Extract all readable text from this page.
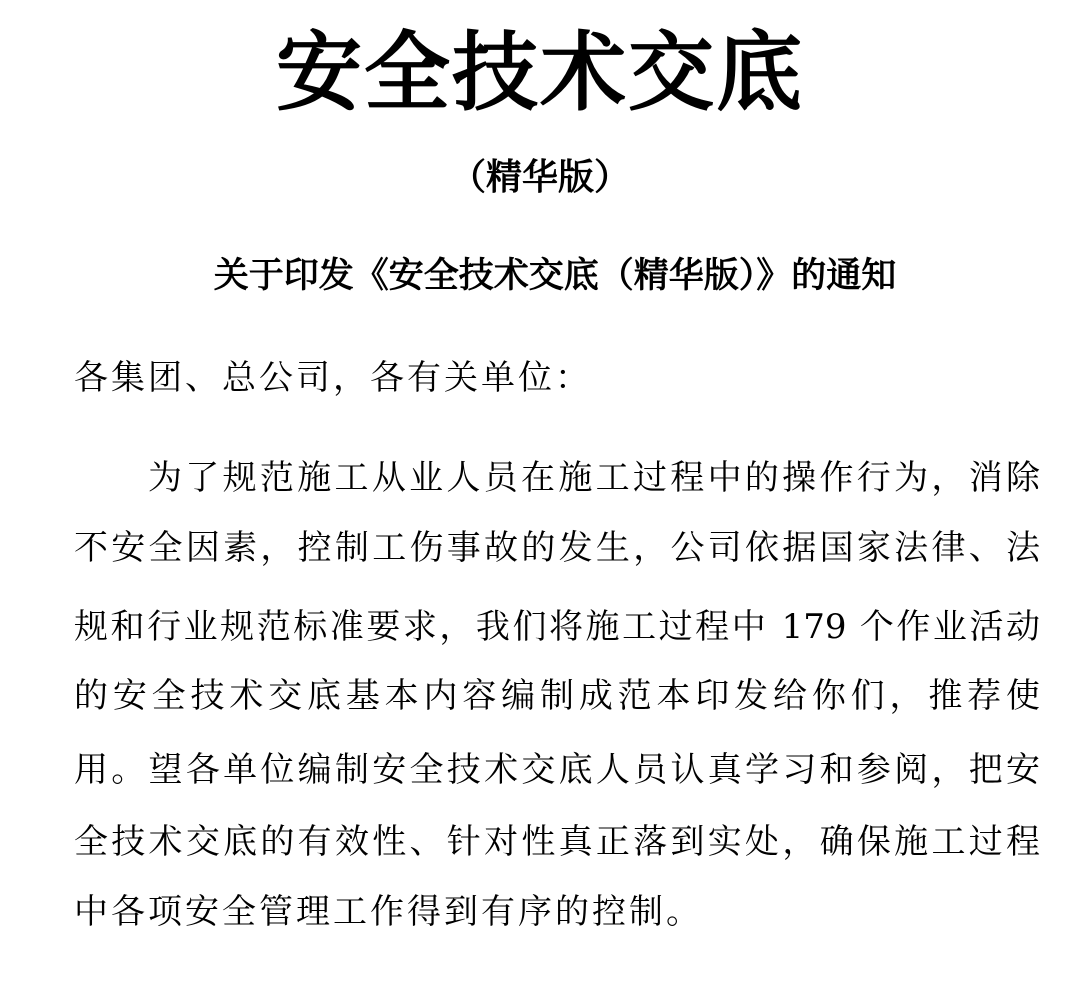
安全技术交底
（精华版）
关于印发《安全技术交底（精华版）》的通知

各集团、总公司，各有关单位：

为了规范施工从业人员在施工过程中的操作行为，消除

不安全因素，控制工伤事故的发生，公司依据国家法律、法

规和行业规范标准要求，我们将施工过程中 179 个作业活动

的安全技术交底基本内容编制成范本印发给你们，推荐使

用。望各单位编制安全技术交底人员认真学习和参阅，把安

全技术交底的有效性、针对性真正落到实处，确保施工过程

中各项安全管理工作得到有序的控制。
